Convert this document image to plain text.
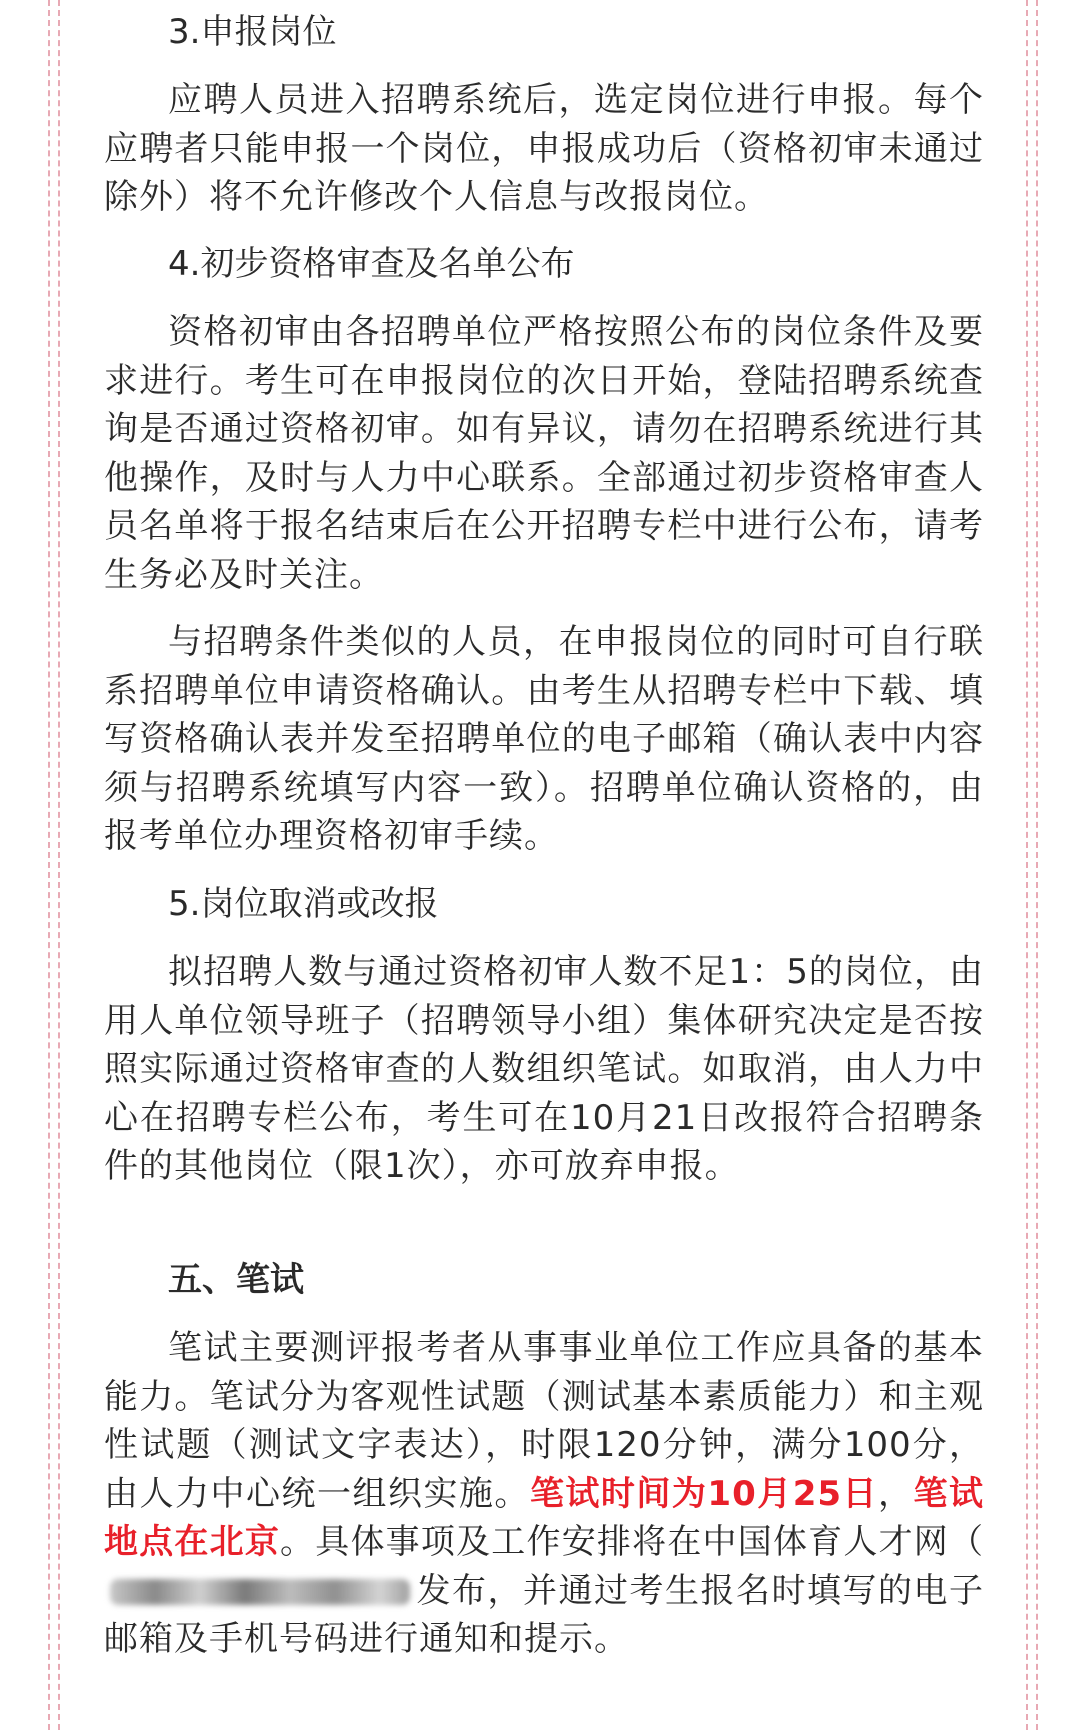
3.申报岗位
应聘人员进入招聘系统后，选定岗位进行申报。每个应聘者只能申报一个岗位，申报成功后（资格初审未通过除外）将不允许修改个人信息与改报岗位。
4.初步资格审查及名单公布
资格初审由各招聘单位严格按照公布的岗位条件及要求进行。考生可在申报岗位的次日开始，登陆招聘系统查询是否通过资格初审。如有异议，请勿在招聘系统进行其他操作，及时与人力中心联系。全部通过初步资格审查人员名单将于报名结束后在公开招聘专栏中进行公布，请考生务必及时关注。
与招聘条件类似的人员，在申报岗位的同时可自行联系招聘单位申请资格确认。由考生从招聘专栏中下载、填写资格确认表并发至招聘单位的电子邮箱（确认表中内容须与招聘系统填写内容一致）。招聘单位确认资格的，由报考单位办理资格初审手续。
5.岗位取消或改报
拟招聘人数与通过资格初审人数不足1：5的岗位，由用人单位领导班子（招聘领导小组）集体研究决定是否按照实际通过资格审查的人数组织笔试。如取消，由人力中心在招聘专栏公布，考生可在10月21日改报符合招聘条件的其他岗位（限1次），亦可放弃申报。
五、笔试
笔试主要测评报考者从事事业单位工作应具备的基本能力。笔试分为客观性试题（测试基本素质能力）和主观性试题（测试文字表达），时限120分钟，满分100分，由人力中心统一组织实施。笔试时间为10月25日，笔试地点在北京。具体事项及工作安排将在中国体育人才网（发布，并通过考生报名时填写的电子邮箱及手机号码进行通知和提示。
